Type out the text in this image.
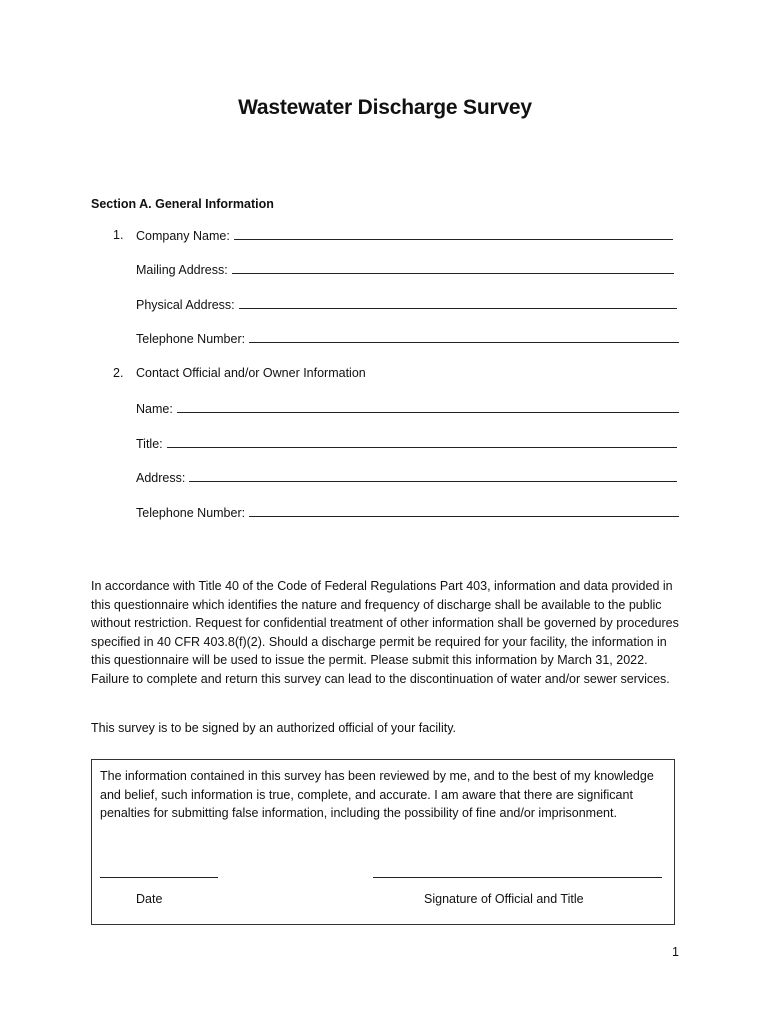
Wastewater Discharge Survey
Section A. General Information
1. Company Name:
Mailing Address:
Physical Address:
Telephone Number:
2. Contact Official and/or Owner Information
Name:
Title:
Address:
Telephone Number:
In accordance with Title 40 of the Code of Federal Regulations Part 403, information and data provided in this questionnaire which identifies the nature and frequency of discharge shall be available to the public without restriction. Request for confidential treatment of other information shall be governed by procedures specified in 40 CFR 403.8(f)(2). Should a discharge permit be required for your facility, the information in this questionnaire will be used to issue the permit. Please submit this information by March 31, 2022. Failure to complete and return this survey can lead to the discontinuation of water and/or sewer services.
This survey is to be signed by an authorized official of your facility.
The information contained in this survey has been reviewed by me, and to the best of my knowledge and belief, such information is true, complete, and accurate. I am aware that there are significant penalties for submitting false information, including the possibility of fine and/or imprisonment.
Date	Signature of Official and Title
1
